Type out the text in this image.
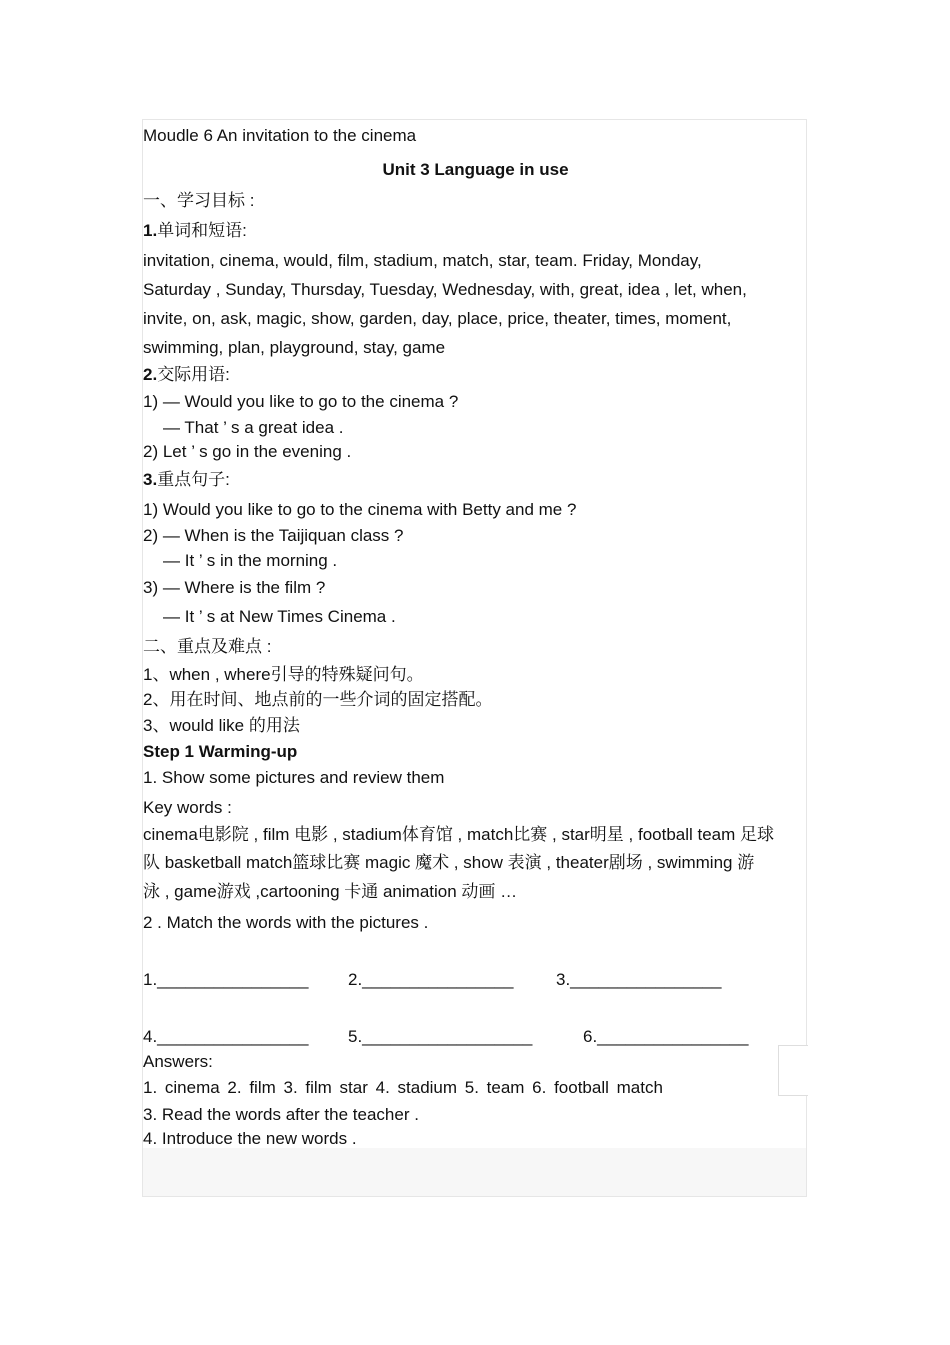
Moudle 6 An invitation to the cinema
Unit 3 Language in use
一、学习目标 :
1.单词和短语:
invitation, cinema, would, film, stadium, match, star, team. Friday, Monday,
Saturday , Sunday, Thursday, Tuesday, Wednesday, with, great, idea , let, when,
invite, on, ask, magic, show, garden, day, place, price, theater, times, moment,
swimming, plan, playground, stay, game
2.交际用语:
1) — Would you like to go to the cinema ?
— That ’ s a great idea .
2) Let ’ s go in the evening .
3.重点句子:
1) Would you like to go to the cinema with Betty and me ?
2) — When is the Taijiquan class ?
— It ’ s in the morning .
3) — Where is the film ?
— It ’ s at New Times Cinema .
二、重点及难点 :
1、when , where引导的特殊疑问句。
2、用在时间、地点前的一些介词的固定搭配。
3、would like 的用法
Step 1 Warming-up
1. Show some pictures and review them
Key words :
cinema电影院 , film 电影 , stadium体育馆 , match比赛 , star明星 , football team 足球
队 basketball match篮球比赛 magic 魔术 , show 表演 , theater剧场 , swimming 游
泳 , game游戏 ,cartooning 卡通 animation 动画 …
2 . Match the words with the pictures .
1.________________ 2.________________	3.________________
4.________________ 5.__________________	6.________________
Answers:
1. cinema 2. film 3. film star 4. stadium 5. team 6. football match
3. Read the words after the teacher .
4. Introduce the new words .
